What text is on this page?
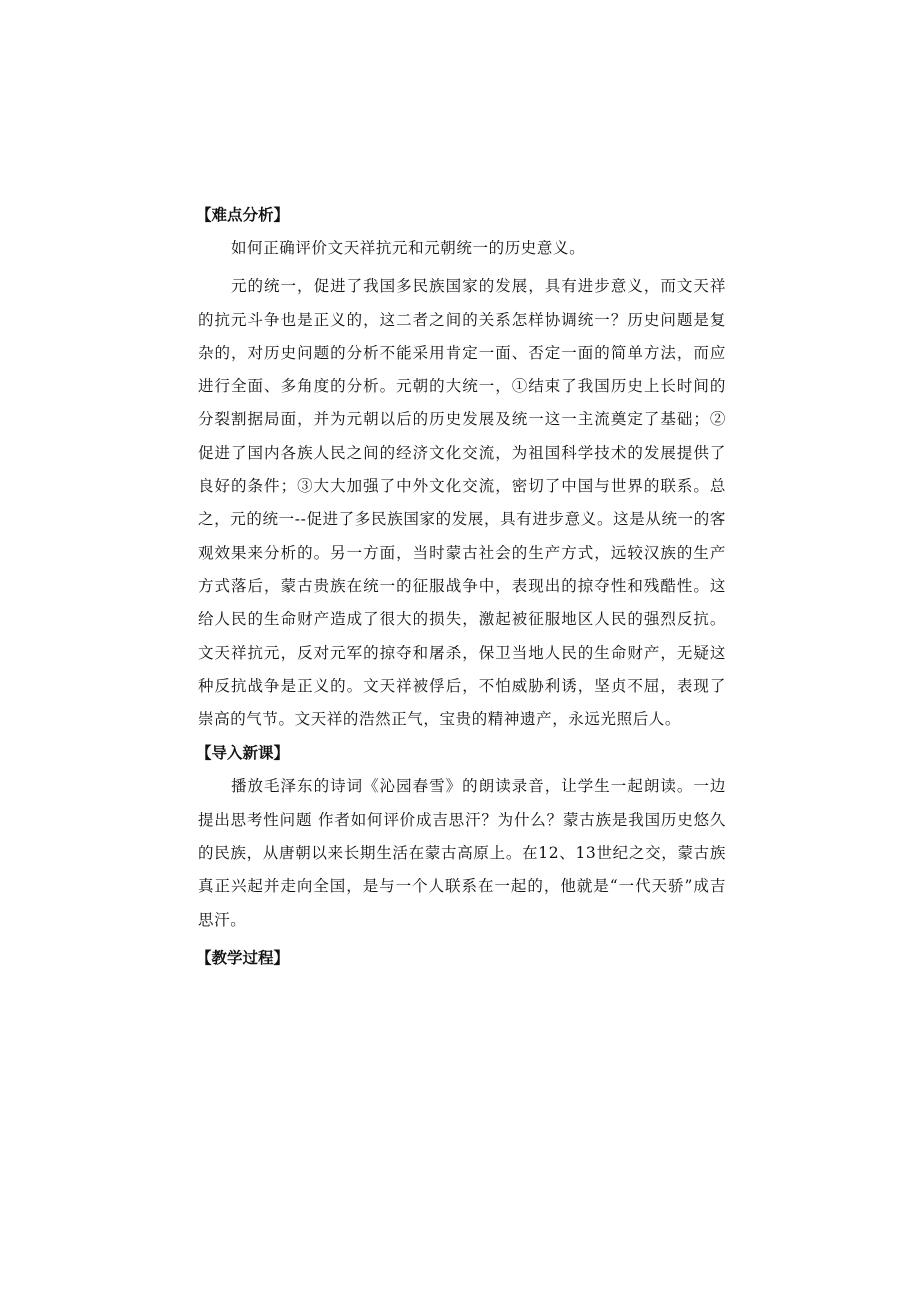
【难点分析】

如何正确评价文天祥抗元和元朝统一的历史意义。

元的统一，促进了我国多民族国家的发展，具有进步意义，而文天祥的抗元斗争也是正义的，这二者之间的关系怎样协调统一？历史问题是复杂的，对历史问题的分析不能采用肯定一面、否定一面的简单方法，而应进行全面、多角度的分析。元朝的大统一，①结束了我国历史上长时间的分裂割据局面，并为元朝以后的历史发展及统一这一主流奠定了基础；②促进了国内各族人民之间的经济文化交流，为祖国科学技术的发展提供了良好的条件；③大大加强了中外文化交流，密切了中国与世界的联系。总之，元的统一--促进了多民族国家的发展，具有进步意义。这是从统一的客观效果来分析的。另一方面，当时蒙古社会的生产方式，远较汉族的生产方式落后，蒙古贵族在统一的征服战争中，表现出的掠夺性和残酷性。这给人民的生命财产造成了很大的损失，激起被征服地区人民的强烈反抗。文天祥抗元，反对元军的掠夺和屠杀，保卫当地人民的生命财产，无疑这种反抗战争是正义的。文天祥被俘后，不怕威胁利诱，坚贞不屈，表现了崇高的气节。文天祥的浩然正气，宝贵的精神遗产，永远光照后人。

【导入新课】

播放毛泽东的诗词《沁园春雪》的朗读录音，让学生一起朗读。一边提出思考性问题 作者如何评价成吉思汗？为什么？蒙古族是我国历史悠久的民族，从唐朝以来长期生活在蒙古高原上。在12、13世纪之交，蒙古族真正兴起并走向全国，是与一个人联系在一起的，他就是“一代天骄”成吉思汗。

【教学过程】
